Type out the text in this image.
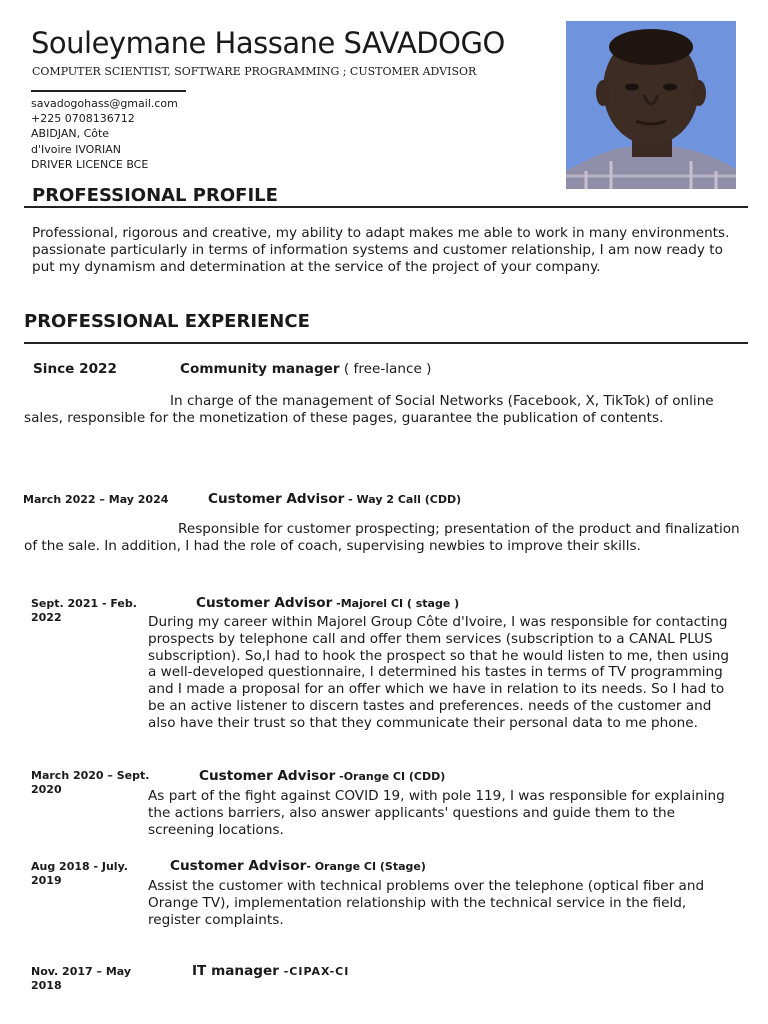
Souleymane Hassane SAVADOGO
COMPUTER SCIENTIST, SOFTWARE PROGRAMMING ; CUSTOMER ADVISOR
savadogohass@gmail.com
+225 0708136712
ABIDJAN, Côte
d'Ivoire IVORIAN
DRIVER LICENCE BCE
PROFESSIONAL PROFILE
Professional, rigorous and creative, my ability to adapt makes me able to work in many environments. passionate particularly in terms of information systems and customer relationship, I am now ready to put my dynamism and determination at the service of the project of your company.
PROFESSIONAL EXPERIENCE
Since 2022	Community manager ( free-lance )
In charge of the management of Social Networks (Facebook, X, TikTok) of online sales, responsible for the monetization of these pages, guarantee the publication of contents.
March 2022 – May 2024	Customer Advisor - Way 2 Call (CDD)
Responsible for customer prospecting; presentation of the product and finalization of the sale. In addition, I had the role of coach, supervising newbies to improve their skills.
Sept. 2021 - Feb. 2022
Customer Advisor -Majorel CI ( stage )
During my career within Majorel Group Côte d'Ivoire, I was responsible for contacting prospects by telephone call and offer them services (subscription to a CANAL PLUS subscription). So,I had to hook the prospect so that he would listen to me, then using a well-developed questionnaire, I determined his tastes in terms of TV programming and I made a proposal for an offer which we have in relation to its needs. So I had to be an active listener to discern tastes and preferences. needs of the customer and also have their trust so that they communicate their personal data to me phone.
March 2020 – Sept. 2020
Customer Advisor -Orange CI (CDD)
As part of the fight against COVID 19, with pole 119, I was responsible for explaining the actions barriers, also answer applicants' questions and guide them to the screening locations.
Aug 2018 - July. 2019
Customer Advisor- Orange CI (Stage)
Assist the customer with technical problems over the telephone (optical fiber and Orange TV), implementation relationship with the technical service in the field, register complaints.
Nov. 2017 – May 2018
IT manager -CIPAX-CI
